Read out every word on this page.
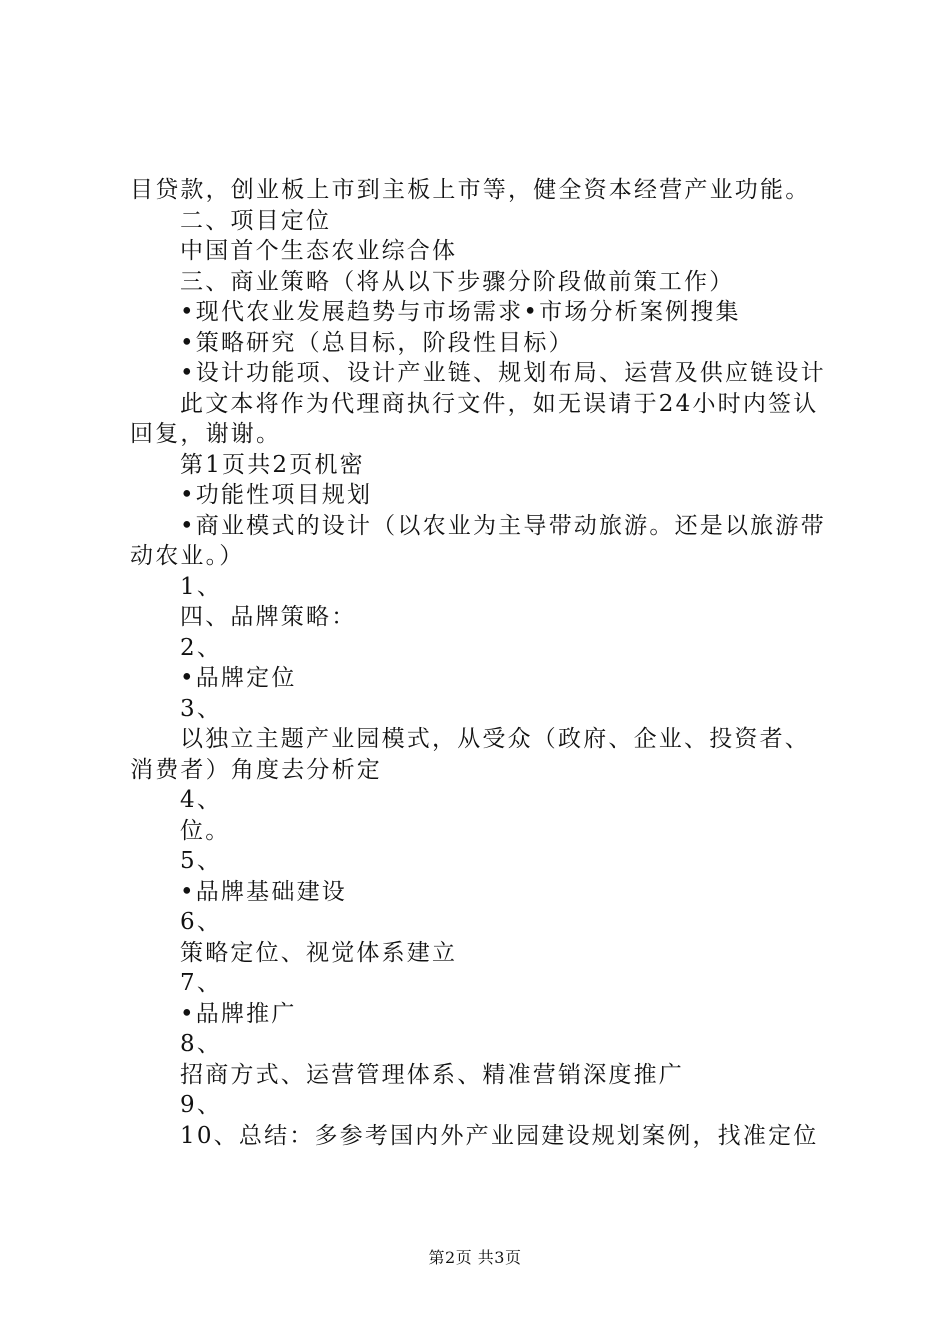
目贷款，创业板上市到主板上市等，健全资本经营产业功能。

二、项目定位

中国首个生态农业综合体

三、商业策略（将从以下步骤分阶段做前策工作）

•现代农业发展趋势与市场需求•市场分析案例搜集

•策略研究（总目标，阶段性目标）

•设计功能项、设计产业链、规划布局、运营及供应链设计

此文本将作为代理商执行文件，如无误请于24小时内签认回复，谢谢。

第1页共2页机密

•功能性项目规划

•商业模式的设计（以农业为主导带动旅游。还是以旅游带动农业。）

1、

四、品牌策略：

2、

•品牌定位

3、

以独立主题产业园模式，从受众（政府、企业、投资者、消费者）角度去分析定

4、

位。

5、

•品牌基础建设

6、

策略定位、视觉体系建立

7、

•品牌推广

8、

招商方式、运营管理体系、精准营销深度推广

9、

10、总结：多参考国内外产业园建设规划案例，找准定位

第2页 共3页
